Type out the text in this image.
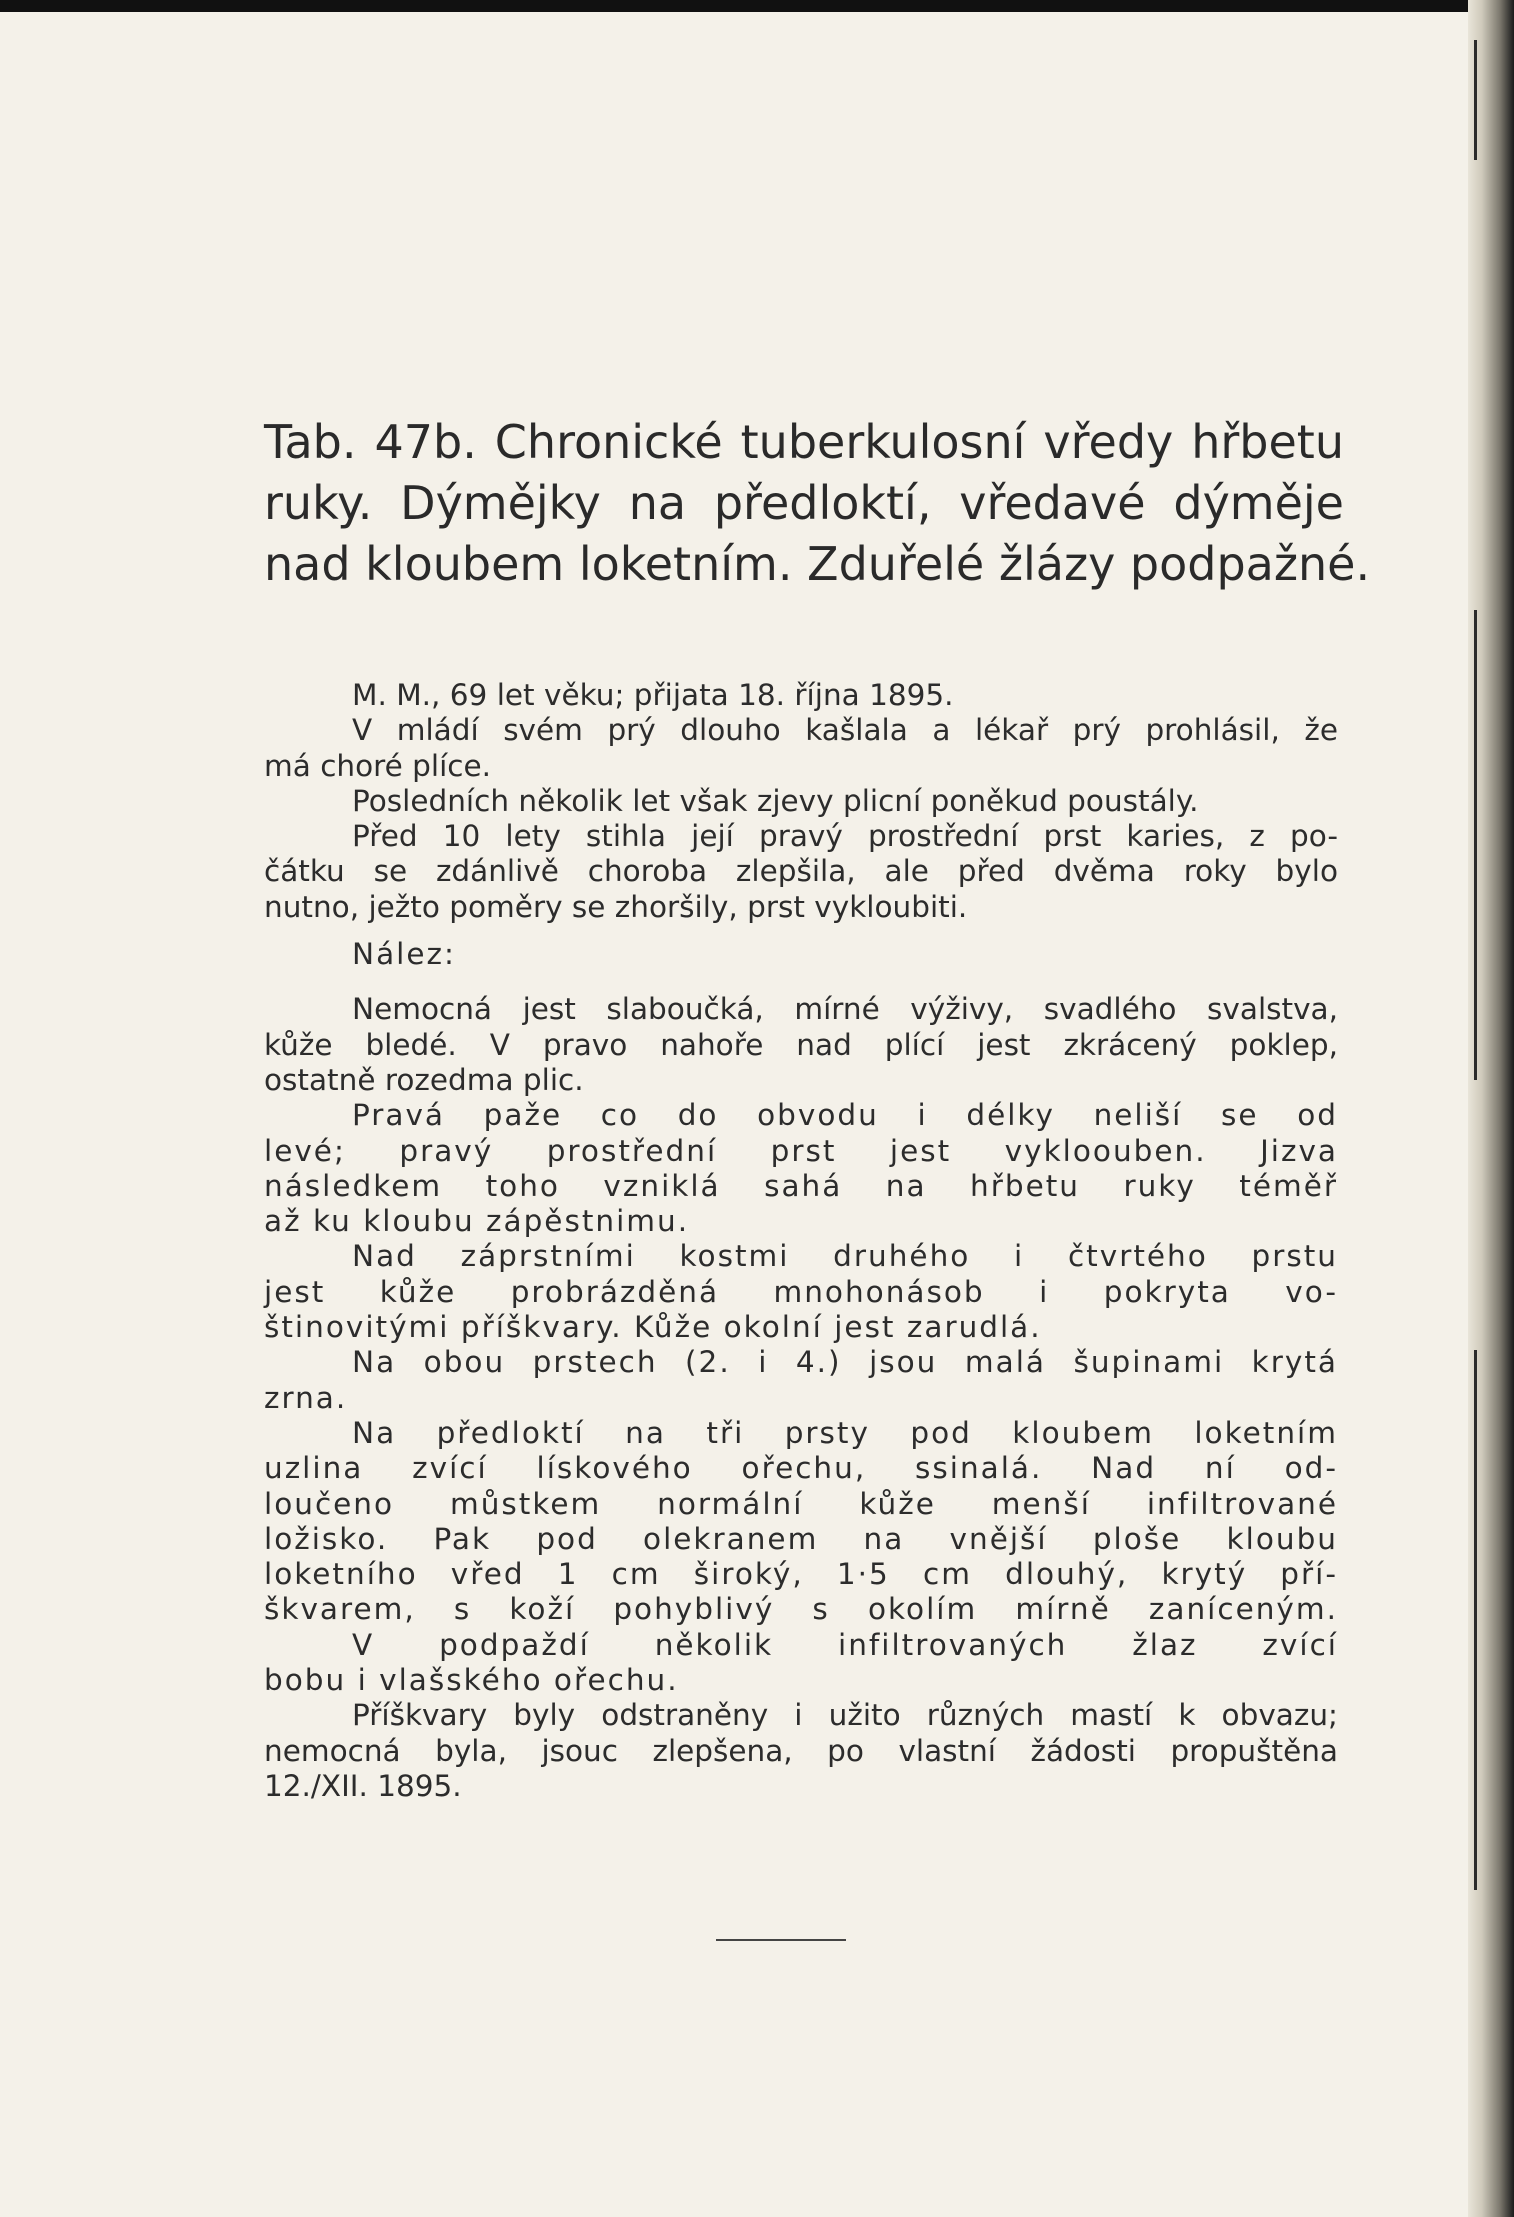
Tab. 47b. Chronické tuberkulosní vředy hřbetu
ruky. Dýmějky na předloktí, vředavé dýměje
nad kloubem loketním. Zduřelé žlázy podpažné.
M. M., 69 let věku; přijata 18. října 1895.
V mládí svém prý dlouho kašlala a lékař prý prohlásil, že
má choré plíce.
Posledních několik let však zjevy plicní poněkud poustály.
Před 10 lety stihla její pravý prostřední prst karies, z po-
čátku se zdánlivě choroba zlepšila, ale před dvěma roky bylo
nutno, ježto poměry se zhoršily, prst vykloubiti.
Nález:
Nemocná jest slaboučká, mírné výživy, svadlého svalstva,
kůže bledé. V pravo nahoře nad plící jest zkrácený poklep,
ostatně rozedma plic.
Pravá paže co do obvodu i délky neliší se od
levé; pravý prostřední prst jest vykloouben. Jizva
následkem toho vzniklá sahá na hřbetu ruky téměř
až ku kloubu zápěstnimu.
Nad záprstními kostmi druhého i čtvrtého prstu
jest kůže probrázděná mnohonásob i pokryta vo-
štinovitými příškvary. Kůže okolní jest zarudlá.
Na obou prstech (2. i 4.) jsou malá šupinami krytá
zrna.
Na předloktí na tři prsty pod kloubem loketním
uzlina zvící lískového ořechu, ssinalá. Nad ní od-
loučeno můstkem normální kůže menší infiltrované
ložisko. Pak pod olekranem na vnější ploše kloubu
loketního vřed 1 cm široký, 1·5 cm dlouhý, krytý pří-
škvarem, s koží pohyblivý s okolím mírně zaníceným.
V podpaždí několik infiltrovaných žlaz zvící
bobu i vlašského ořechu.
Příškvary byly odstraněny i užito různých mastí k obvazu;
nemocná byla, jsouc zlepšena, po vlastní žádosti propuštěna
12./XII. 1895.
